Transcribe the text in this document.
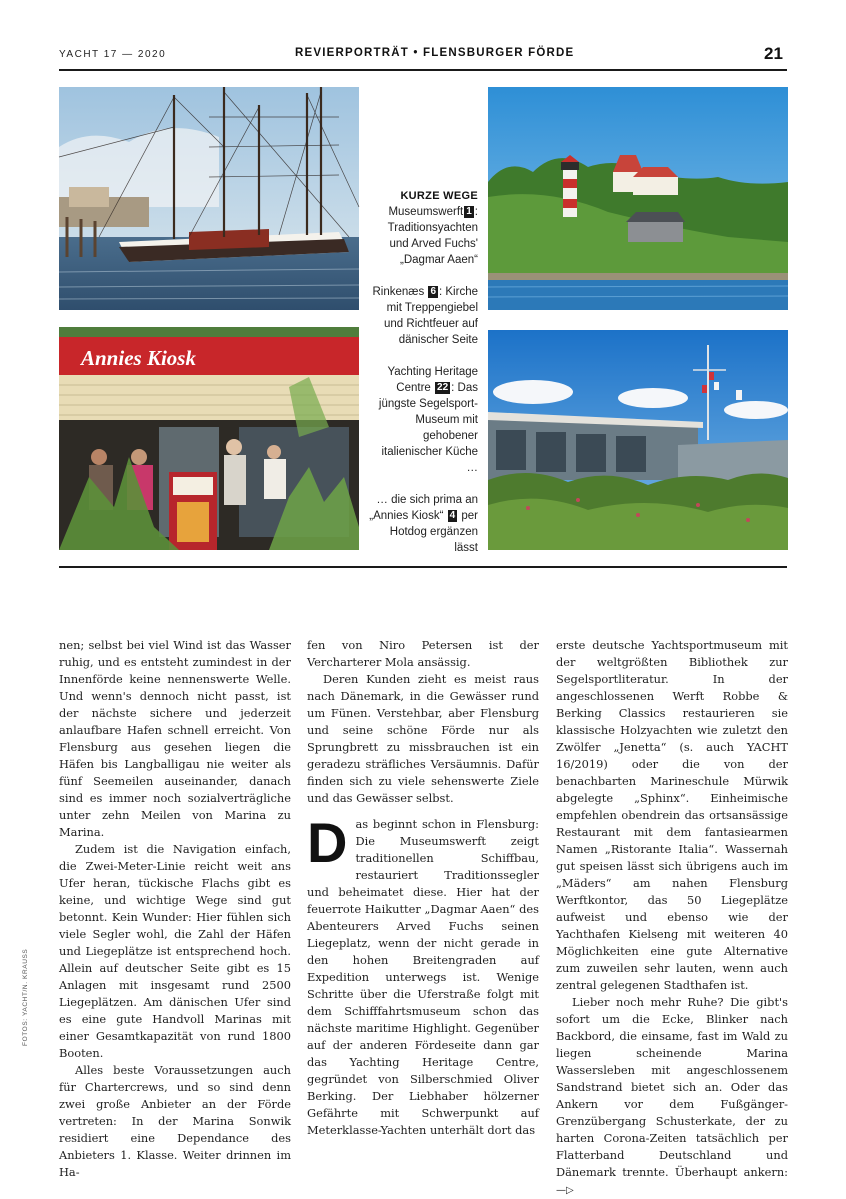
YACHT 17 — 2020	REVIERPORTRÄT • FLENSBURGER FÖRDE	21
Annies Kiosk
KURZE WEGE
Museumswerft 1 : Traditionsyachten und Arved Fuchs' „Dagmar Aaen“
Rinkenæs 6 : Kirche mit Treppengiebel und Richtfeuer auf dänischer Seite
Yachting Heritage Centre 22 : Das jüngste Segelsport-Museum mit gehobener italienischer Küche …
… die sich prima an „Annies Kiosk“ 4 per Hotdog ergänzen lässt

nen; selbst bei viel Wind ist das Wasser ruhig, und es entsteht zumindest in der Innenförde keine nennenswerte Welle. Und wenn's dennoch nicht passt, ist der nächste sichere und jederzeit anlaufbare Hafen schnell erreicht. Von Flensburg aus gesehen liegen die Häfen bis Langballigau nie weiter als fünf Seemeilen auseinander, danach sind es immer noch sozialverträgliche unter zehn Meilen von Marina zu Marina.

Zudem ist die Navigation einfach, die Zwei-Meter-Linie reicht weit ans Ufer heran, tückische Flachs gibt es keine, und wichtige Wege sind gut betonnt. Kein Wunder: Hier fühlen sich viele Segler wohl, die Zahl der Häfen und Liegeplätze ist entsprechend hoch. Allein auf deutscher Seite gibt es 15 Anlagen mit insgesamt rund 2500 Liegeplätzen. Am dänischen Ufer sind es eine gute Handvoll Marinas mit einer Gesamtkapazität von rund 1800 Booten.

Alles beste Voraussetzungen auch für Chartercrews, und so sind denn zwei große Anbieter an der Förde vertreten: In der Marina Sonwik residiert eine Dependance des Anbieters 1. Klasse. Weiter drinnen im Ha-

fen von Niro Petersen ist der Vercharterer Mola ansässig.

Deren Kunden zieht es meist raus nach Dänemark, in die Gewässer rund um Fünen. Verstehbar, aber Flensburg und seine schöne Förde nur als Sprungbrett zu missbrauchen ist ein geradezu sträfliches Versäumnis. Dafür finden sich zu viele sehenswerte Ziele und das Gewässer selbst.

Das beginnt schon in Flensburg: Die Museumswerft zeigt traditionellen Schiffbau, restauriert Traditionssegler und beheimatet diese. Hier hat der feuerrote Haikutter „Dagmar Aaen“ des Abenteurers Arved Fuchs seinen Liegeplatz, wenn der nicht gerade in den hohen Breitengraden auf Expedition unterwegs ist. Wenige Schritte über die Uferstraße folgt mit dem Schifffahrtsmuseum schon das nächste maritime Highlight. Gegenüber auf der anderen Fördeseite dann gar das Yachting Heritage Centre, gegründet von Silberschmied Oliver Berking. Der Liebhaber hölzerner Gefährte mit Schwerpunkt auf Meterklasse-Yachten unterhält dort das

erste deutsche Yachtsportmuseum mit der weltgrößten Bibliothek zur Segelsportliteratur. In der angeschlossenen Werft Robbe & Berking Classics restaurieren sie klassische Holzyachten wie zuletzt den Zwölfer „Jenetta“ (s. auch YACHT 16/2019) oder die von der benachbarten Marineschule Mürwik abgelegte „Sphinx“. Einheimische empfehlen obendrein das ortsansässige Restaurant mit dem fantasiearmen Namen „Ristorante Italia“. Wassernah gut speisen lässt sich übrigens auch im „Mäders“ am nahen Flensburg Werftkontor, das 50 Liegeplätze aufweist und ebenso wie der Yachthafen Kielseng mit weiteren 40 Möglichkeiten eine gute Alternative zum zuweilen sehr lauten, wenn auch zentral gelegenen Stadthafen ist.

Lieber noch mehr Ruhe? Die gibt's sofort um die Ecke, Blinker nach Backbord, die einsame, fast im Wald zu liegen scheinende Marina Wassersleben mit angeschlossenem Sandstrand bietet sich an. Oder das Ankern vor dem Fußgänger-Grenzübergang Schusterkate, der zu harten Corona-Zeiten tatsächlich per Flatterband Deutschland und Dänemark trennte. Überhaupt ankern: —▷

FOTOS: YACHT/N. KRAUSS
